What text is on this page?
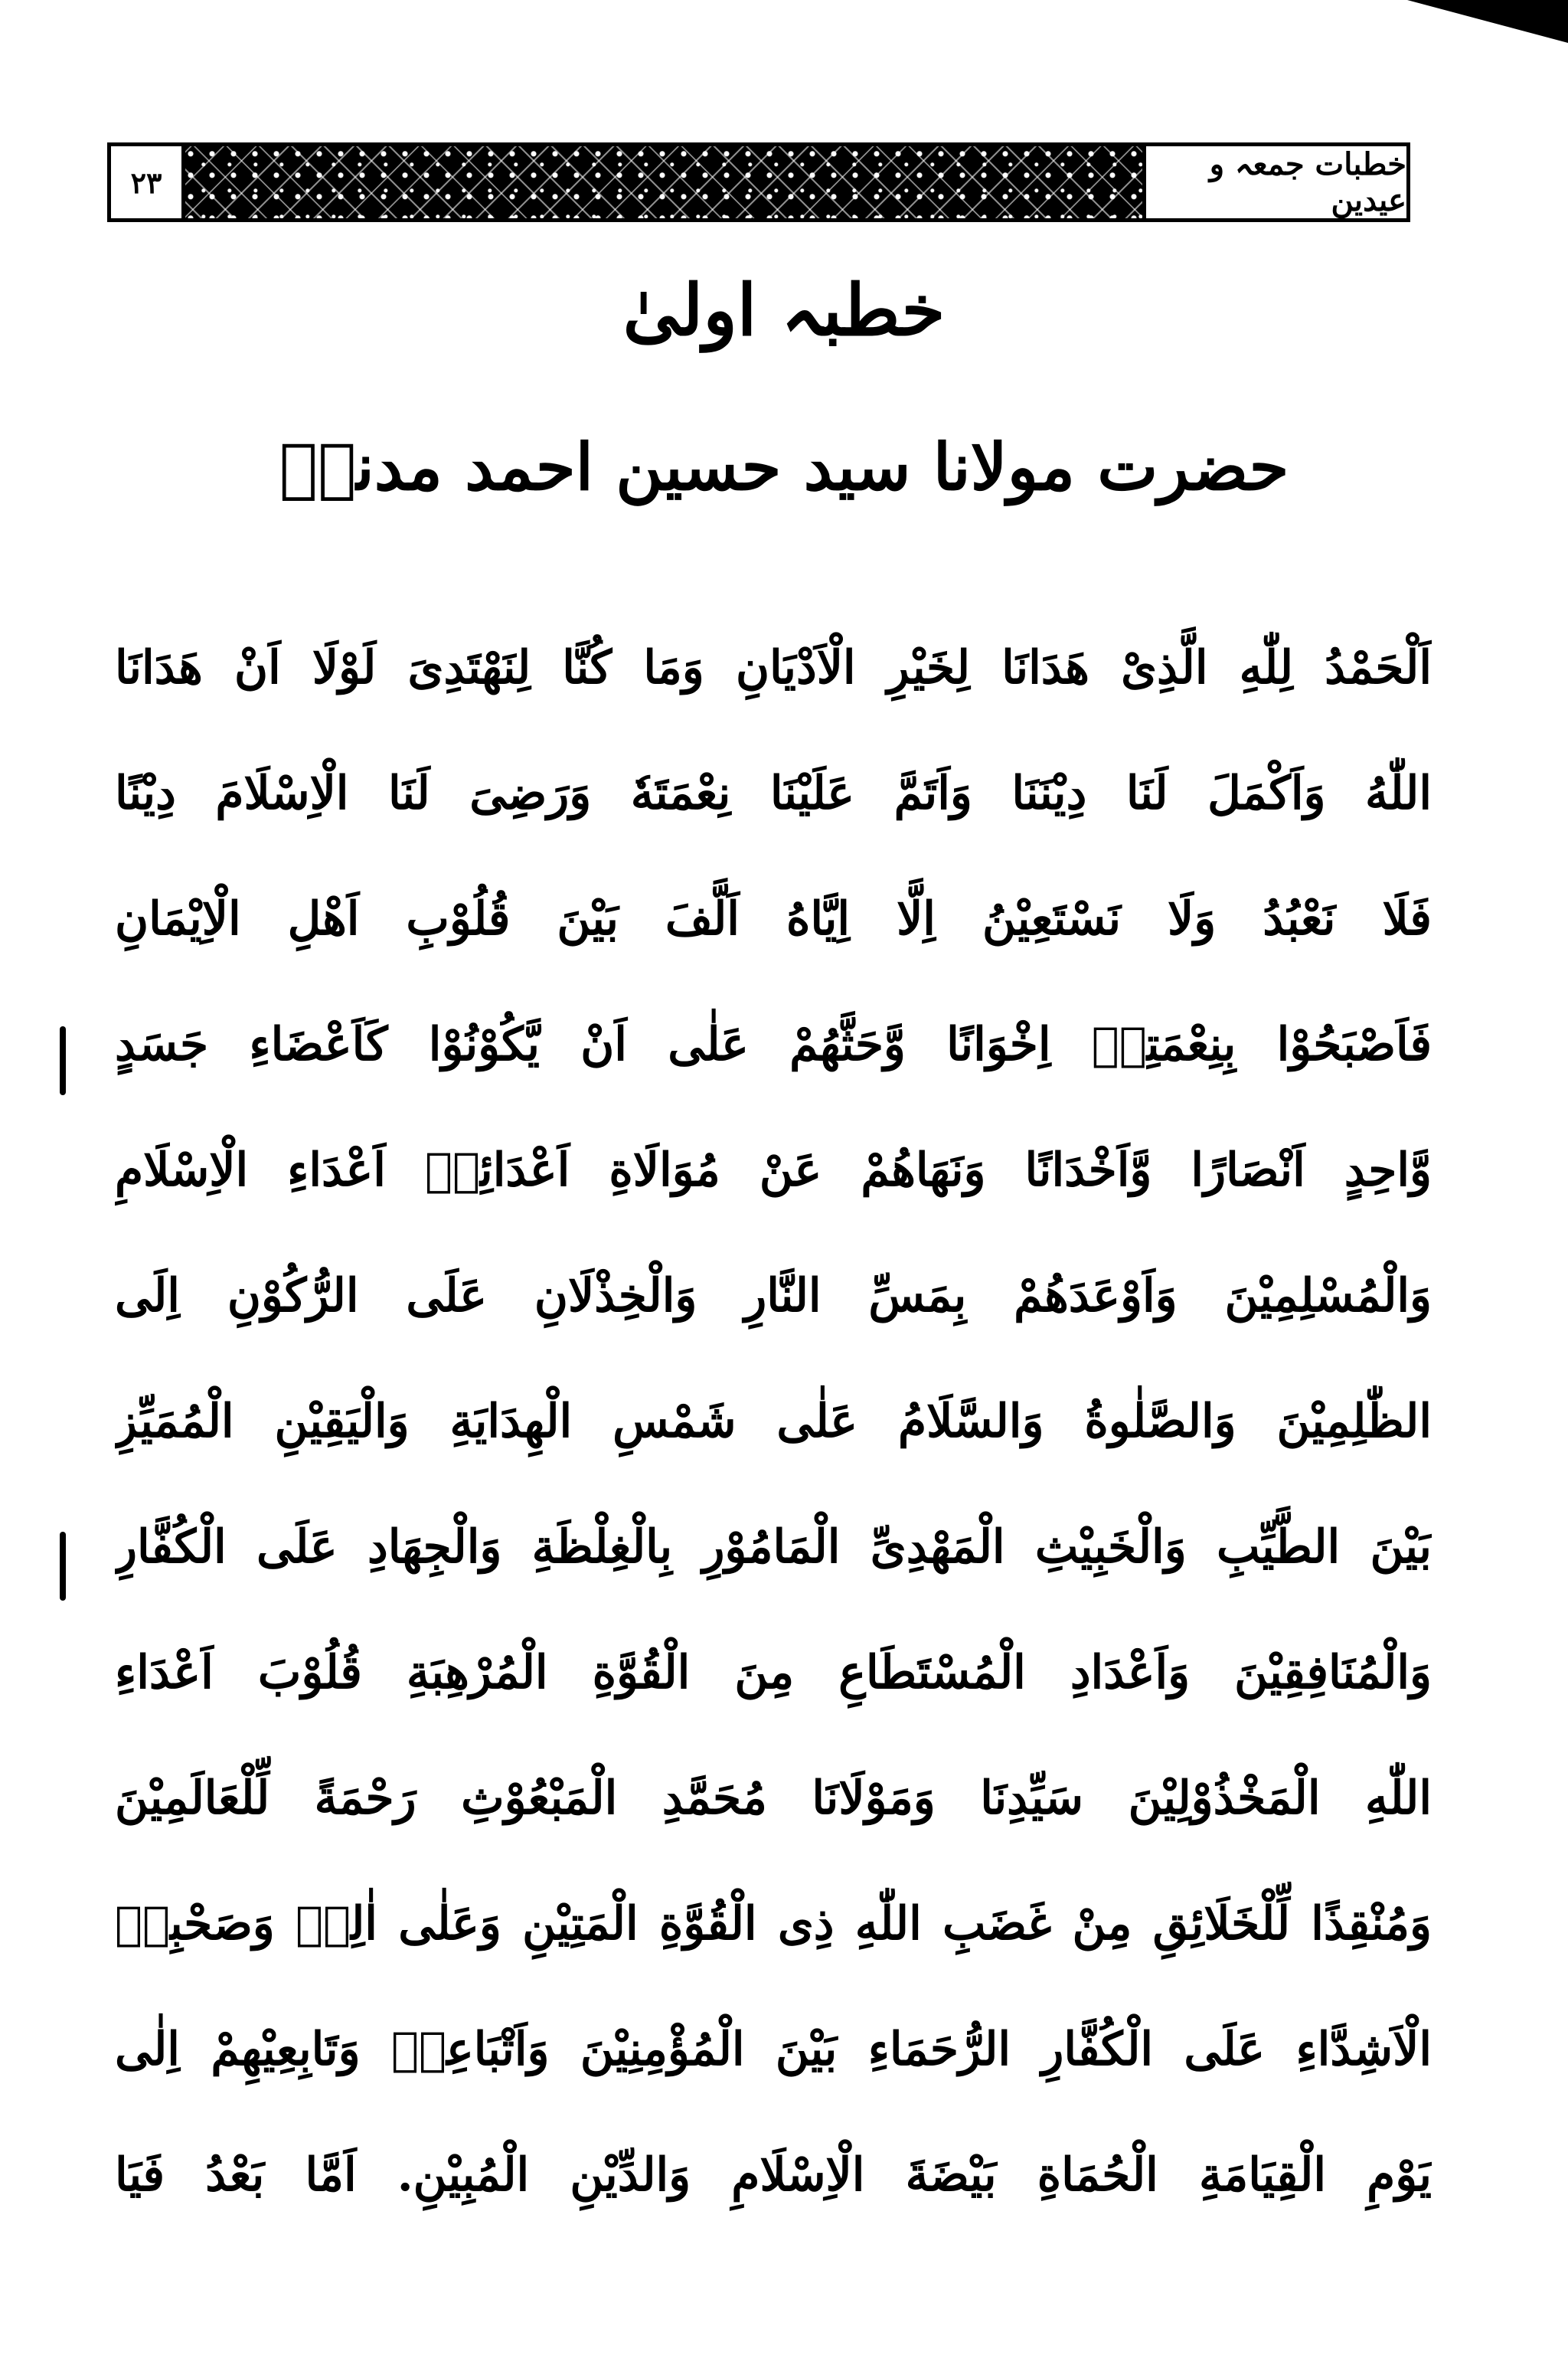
٢٣	خطبات جمعہ و عیدین
خطبہ اولیٰ
حضرت مولانا سید حسین احمد مدنیؒ
اَلْحَمْدُ لِلّٰهِ الَّذِیْ هَدَانَا لِخَیْرِ الْاَدْیَانِ وَمَا كُنَّا لِنَهْتَدِیَ لَوْلَا اَنْ هَدَانَا
اللّٰهُ وَاَكْمَلَ لَنَا دِیْنَنَا وَاَتَمَّ عَلَیْنَا نِعْمَتَهٗ وَرَضِیَ لَنَا الْاِسْلَامَ دِیْنًا
فَلَا نَعْبُدُ وَلَا نَسْتَعِیْنُ اِلَّا اِیَّاهُ اَلَّفَ بَیْنَ قُلُوْبِ اَهْلِ الْاِیْمَانِ
فَاَصْبَحُوْا بِنِعْمَتِهٖ اِخْوَانًا وَّحَثَّهُمْ عَلٰی اَنْ یَّكُوْنُوْا كَاَعْضَاءِ جَسَدٍ
وَّاحِدٍ اَنْصَارًا وَّاَخْدَانًا وَنَهَاهُمْ عَنْ مُوَالَاةِ اَعْدَائِهٖ اَعْدَاءِ الْاِسْلَامِ
وَالْمُسْلِمِیْنَ وَاَوْعَدَهُمْ بِمَسِّ النَّارِ وَالْخِذْلَانِ عَلَی الرُّكُوْنِ اِلَی
الظّٰلِمِیْنَ وَالصَّلٰوةُ وَالسَّلَامُ عَلٰی شَمْسِ الْهِدَایَةِ وَالْیَقِیْنِ الْمُمَیِّزِ
بَیْنَ الطَّیِّبِ وَالْخَبِیْثِ الْمَهْدِیِّ الْمَامُوْرِ بِالْغِلْظَةِ وَالْجِهَادِ عَلَی الْكُفَّارِ
وَالْمُنَافِقِیْنَ وَاَعْدَادِ الْمُسْتَطَاعِ مِنَ الْقُوَّةِ الْمُرْهِبَةِ قُلُوْبَ اَعْدَاءِ
اللّٰهِ الْمَخْذُوْلِیْنَ سَیِّدِنَا وَمَوْلَانَا مُحَمَّدِ الْمَبْعُوْثِ رَحْمَةً لِّلْعَالَمِیْنَ
وَمُنْقِذًا لِّلْخَلَائِقِ مِنْ غَضَبِ اللّٰهِ ذِی الْقُوَّةِ الْمَتِیْنِ وَعَلٰی اٰلِهٖ وَصَحْبِهٖ
الْاَشِدَّاءِ عَلَی الْكُفَّارِ الرُّحَمَاءِ بَیْنَ الْمُؤْمِنِیْنَ وَاَتْبَاعِهٖ وَتَابِعِیْهِمْ اِلٰی
یَوْمِ الْقِیَامَةِ الْحُمَاةِ بَیْضَةَ الْاِسْلَامِ وَالدِّیْنِ الْمُبِیْنِ. اَمَّا بَعْدُ فَیَا
